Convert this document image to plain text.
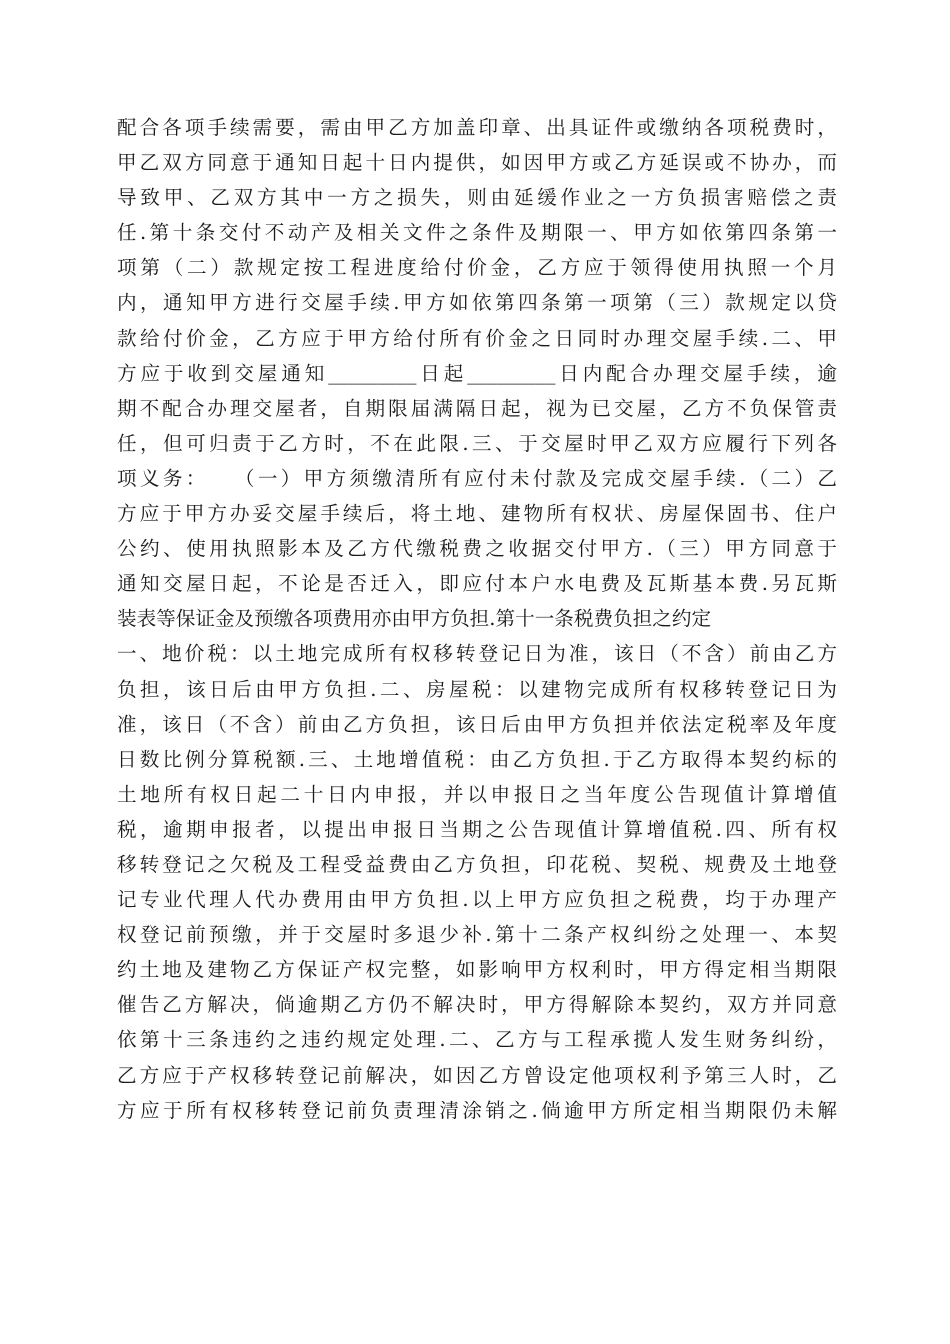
配合各项手续需要，需由甲乙方加盖印章、出具证件或缴纳各项税费时，
甲乙双方同意于通知日起十日内提供，如因甲方或乙方延误或不协办，而
导致甲、乙双方其中一方之损失，则由延缓作业之一方负损害赔偿之责
任.第十条交付不动产及相关文件之条件及期限一、甲方如依第四条第一
项第（二）款规定按工程进度给付价金，乙方应于领得使用执照一个月
内，通知甲方进行交屋手续.甲方如依第四条第一项第（三）款规定以贷
款给付价金，乙方应于甲方给付所有价金之日同时办理交屋手续.二、甲
方应于收到交屋通知_________日起_________日内配合办理交屋手续，逾
期不配合办理交屋者，自期限届满隔日起，视为已交屋，乙方不负保管责
任，但可归责于乙方时，不在此限.三、于交屋时甲乙双方应履行下列各
项义务：　　（一）甲方须缴清所有应付未付款及完成交屋手续.（二）乙
方应于甲方办妥交屋手续后，将土地、建物所有权状、房屋保固书、住户
公约、使用执照影本及乙方代缴税费之收据交付甲方.（三）甲方同意于
通知交屋日起，不论是否迁入，即应付本户水电费及瓦斯基本费.另瓦斯
装表等保证金及预缴各项费用亦由甲方负担.第十一条税费负担之约定
一、地价税：以土地完成所有权移转登记日为准，该日（不含）前由乙方
负担，该日后由甲方负担.二、房屋税：以建物完成所有权移转登记日为
准，该日（不含）前由乙方负担，该日后由甲方负担并依法定税率及年度
日数比例分算税额.三、土地增值税：由乙方负担.于乙方取得本契约标的
土地所有权日起二十日内申报，并以申报日之当年度公告现值计算增值
税，逾期申报者，以提出申报日当期之公告现值计算增值税.四、所有权
移转登记之欠税及工程受益费由乙方负担，印花税、契税、规费及土地登
记专业代理人代办费用由甲方负担.以上甲方应负担之税费，均于办理产
权登记前预缴，并于交屋时多退少补.第十二条产权纠纷之处理一、本契
约土地及建物乙方保证产权完整，如影响甲方权利时，甲方得定相当期限
催告乙方解决，倘逾期乙方仍不解决时，甲方得解除本契约，双方并同意
依第十三条违约之违约规定处理.二、乙方与工程承揽人发生财务纠纷，
乙方应于产权移转登记前解决，如因乙方曾设定他项权利予第三人时，乙
方应于所有权移转登记前负责理清涂销之.倘逾甲方所定相当期限仍未解
